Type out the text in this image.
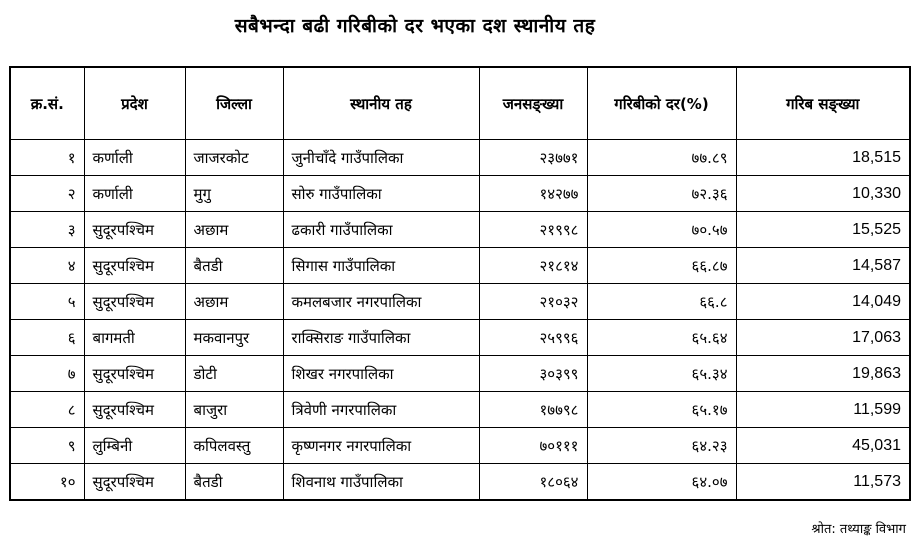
सबैभन्दा बढी गरिबीको दर भएका दश स्थानीय तह
क्र.सं.	प्रदेश	जिल्ला	स्थानीय तह	जनसङ्ख्या	गरिबीको दर(%)	गरिब सङ्ख्या
१	कर्णाली	जाजरकोट	जुनीचाँदे गाउँपालिका	२३७७१	७७.८९	18,515
२	कर्णाली	मुगु	सोरु गाउँपालिका	१४२७७	७२.३६	10,330
३	सुदूरपश्चिम	अछाम	ढकारी गाउँपालिका	२१९९८	७०.५७	15,525
४	सुदूरपश्चिम	बैतडी	सिगास गाउँपालिका	२१८१४	६६.८७	14,587
५	सुदूरपश्चिम	अछाम	कमलबजार नगरपालिका	२१०३२	६६.८	14,049
६	बागमती	मकवानपुर	राक्सिराङ गाउँपालिका	२५९९६	६५.६४	17,063
७	सुदूरपश्चिम	डोटी	शिखर नगरपालिका	३०३९९	६५.३४	19,863
८	सुदूरपश्चिम	बाजुरा	त्रिवेणी नगरपालिका	१७७९८	६५.१७	11,599
९	लुम्बिनी	कपिलवस्तु	कृष्णनगर नगरपालिका	७०१११	६४.२३	45,031
१०	सुदूरपश्चिम	बैतडी	शिवनाथ गाउँपालिका	१८०६४	६४.०७	11,573
श्रोत: तथ्याङ्क विभाग
